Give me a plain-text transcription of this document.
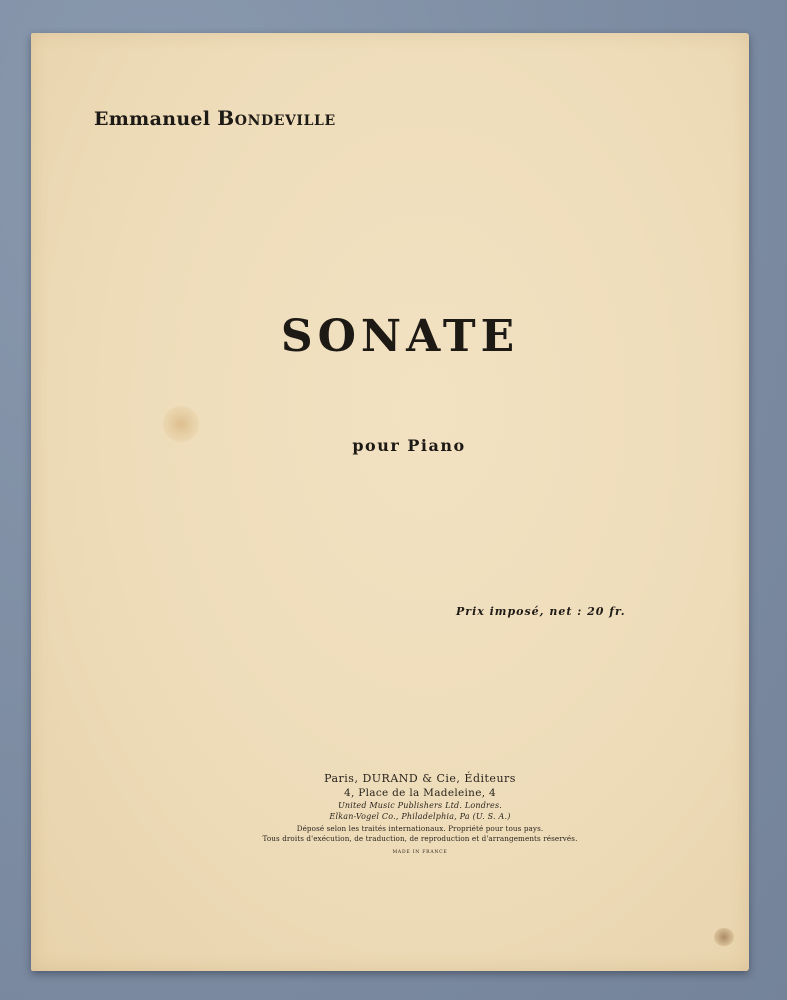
Emmanuel Bondeville
SONATE
pour Piano
Prix imposé, net : 20 fr.
Paris, DURAND & Cie, Éditeurs
4, Place de la Madeleine, 4
United Music Publishers Ltd. Londres.
Elkan-Vogel Co., Philadelphia, Pa (U. S. A.)
Déposé selon les traités internationaux. Propriété pour tous pays.
Tous droits d'exécution, de traduction, de reproduction et d'arrangements réservés.
MADE IN FRANCE
